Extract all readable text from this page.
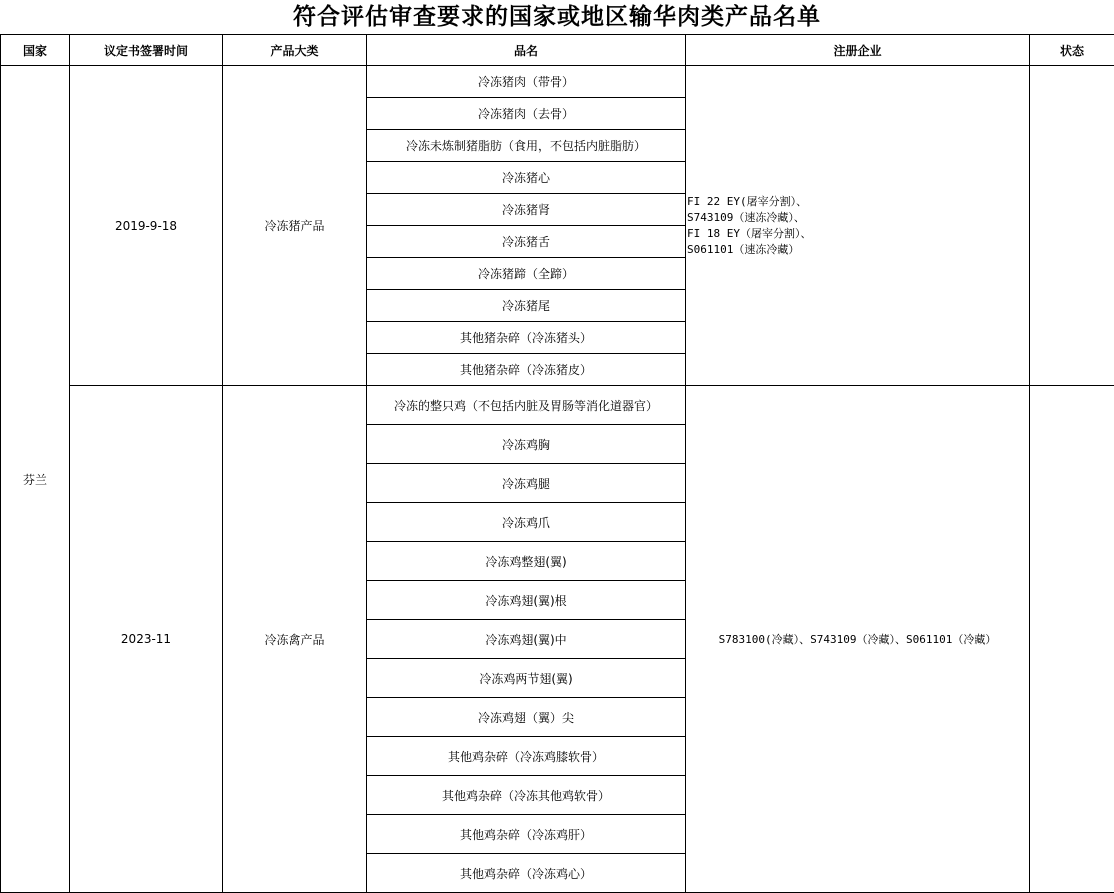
符合评估审查要求的国家或地区输华肉类产品名单
国家	议定书签署时间	产品大类	品名	注册企业	状态
芬兰	2019-9-18	冷冻猪产品	冷冻猪肉（带骨）	FI 22 EY(屠宰分割）、
S743109（速冻冷藏）、
FI 18 EY（屠宰分割）、
S061101（速冻冷藏）	

			冷冻猪肉（去骨）		
			冷冻未炼制猪脂肪（食用，不包括内脏脂肪）		
			冷冻猪心		
			冷冻猪肾		
			冷冻猪舌		
			冷冻猪蹄（全蹄）		
			冷冻猪尾		
			其他猪杂碎（冷冻猪头）		
			其他猪杂碎（冷冻猪皮）		
	2023-11	冷冻禽产品	冷冻的整只鸡（不包括内脏及胃肠等消化道器官）	S783100(冷藏）、S743109（冷藏）、S061101（冷藏）	
			冷冻鸡胸		
			冷冻鸡腿		
			冷冻鸡爪		
			冷冻鸡整翅(翼)		
			冷冻鸡翅(翼)根		
			冷冻鸡翅(翼)中		
			冷冻鸡两节翅(翼)		
			冷冻鸡翅（翼）尖		
			其他鸡杂碎（冷冻鸡膝软骨）		
			其他鸡杂碎（冷冻其他鸡软骨）		
			其他鸡杂碎（冷冻鸡肝）		
			其他鸡杂碎（冷冻鸡心）		
